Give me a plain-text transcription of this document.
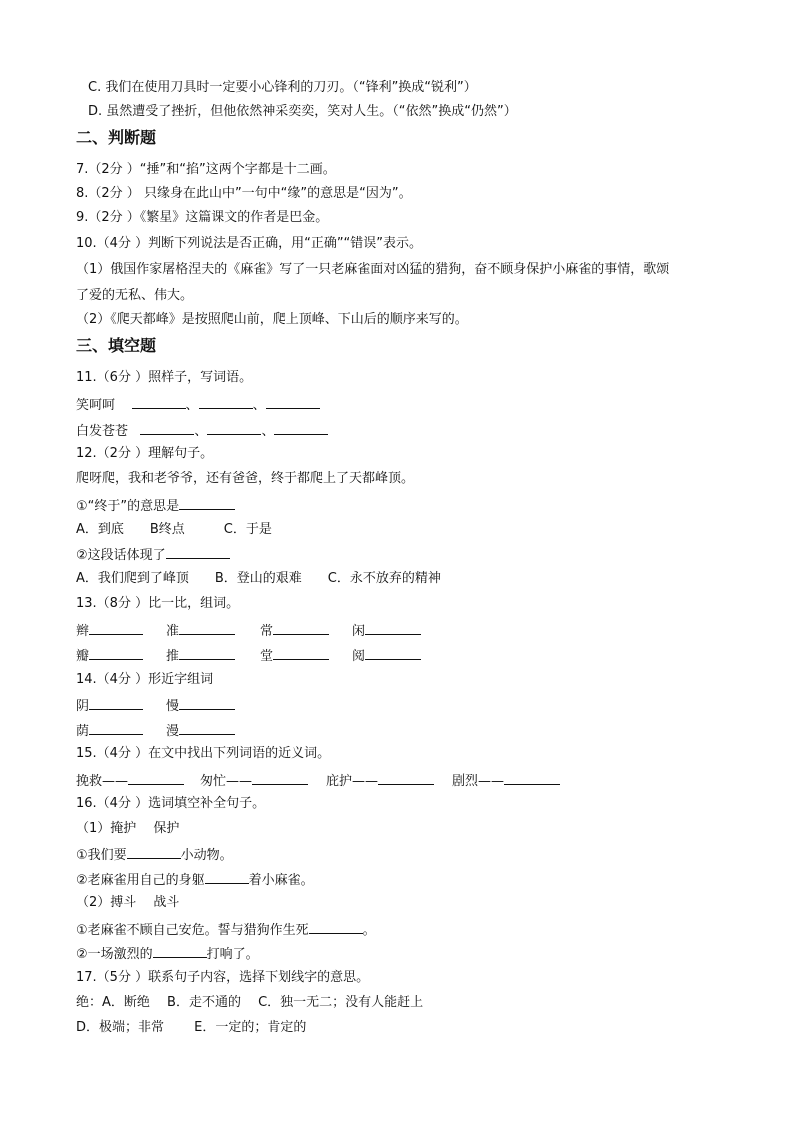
C. 我们在使用刀具时一定要小心锋利的刀刃。（“锋利”换成“锐利”）
D. 虽然遭受了挫折，但他依然神采奕奕，笑对人生。（“依然”换成“仍然”）
二、判断题
7.（2分 ）“捶”和“掐”这两个字都是十二画。
8.（2分 ） 只缘身在此山中”一句中“缘”的意思是“因为”。
9.（2分 ）《繁星》这篇课文的作者是巴金。
10.（4分 ）判断下列说法是否正确，用“正确”“错误”表示。
（1）俄国作家屠格涅夫的《麻雀》写了一只老麻雀面对凶猛的猎狗，奋不顾身保护小麻雀的事情，歌颂
了爱的无私、伟大。
（2）《爬天都峰》是按照爬山前，爬上顶峰、下山后的顺序来写的。
三、填空题
11.（6分 ）照样子，写词语。
笑呵呵	、	、
白发苍苍	、	、
12.（2分 ）理解句子。
爬呀爬，我和老爷爷，还有爸爸，终于都爬上了天都峰顶。
①“终于”的意思是
A．到底　　B终点　　　C．于是
②这段话体现了
A．我们爬到了峰顶　　B．登山的艰难　　C．永不放弃的精神
13.（8分 ）比一比，组词。
辫	准	常	闲
瓣	推	堂	阅
14.（4分 ）形近字组词
阴	慢
荫	漫
15.（4分 ）在文中找出下列词语的近义词。
挽救——	匆忙——	庇护——	剧烈——
16.（4分 ）选词填空补全句子。
（1）掩护　 保护
①我们要	小动物。
②老麻雀用自己的身躯	着小麻雀。
（2）搏斗　 战斗
①老麻雀不顾自己安危。誓与猎狗作生死	。
②一场激烈的	打响了。
17.（5分 ）联系句子内容，选择下划线字的意思。
绝：A．断绝　 B．走不通的　 C．独一无二；没有人能赶上
D．极端；非常　　 E．一定的；肯定的
